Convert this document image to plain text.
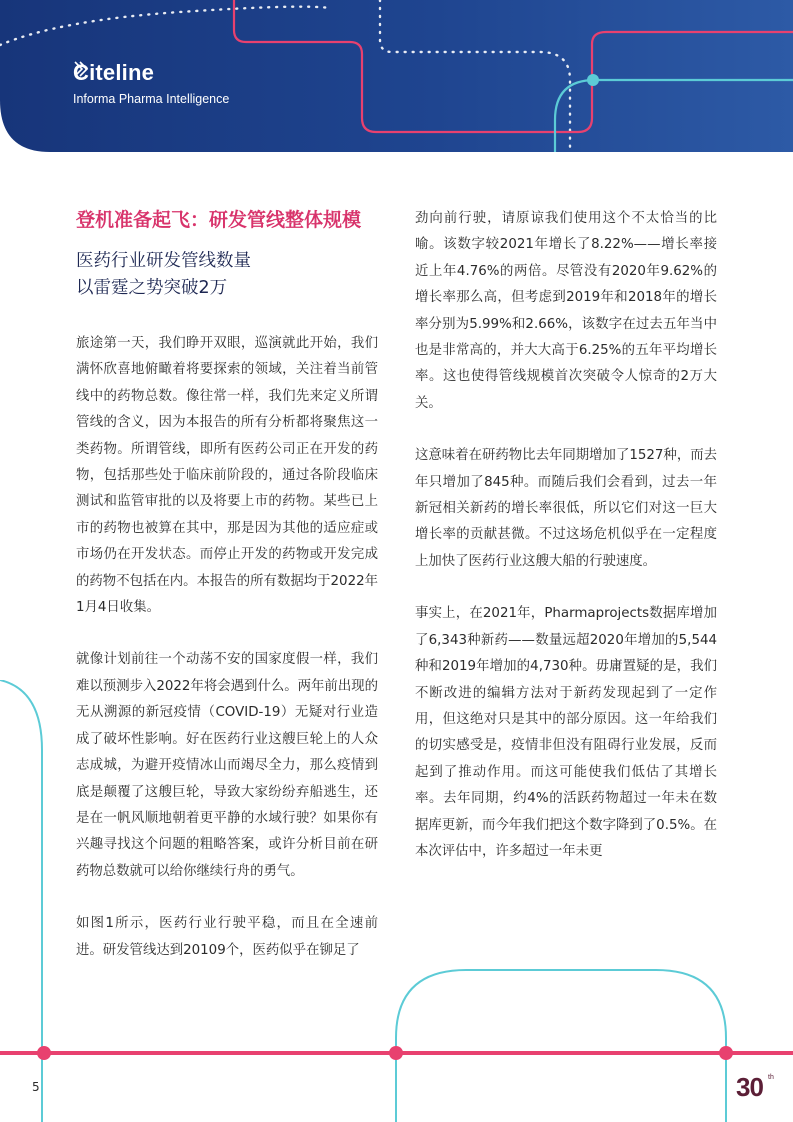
Citeline
Informa Pharma Intelligence
登机准备起飞：研发管线整体规模
医药行业研发管线数量
以雷霆之势突破2万

旅途第一天，我们睁开双眼，巡演就此开始，我们满怀欣喜地俯瞰着将要探索的领域，关注着当前管线中的药物总数。像往常一样，我们先来定义所谓管线的含义，因为本报告的所有分析都将聚焦这一类药物。所谓管线，即所有医药公司正在开发的药物，包括那些处于临床前阶段的，通过各阶段临床测试和监管审批的以及将要上市的药物。某些已上市的药物也被算在其中，那是因为其他的适应症或市场仍在开发状态。而停止开发的药物或开发完成的药物不包括在内。本报告的所有数据均于2022年1月4日收集。

就像计划前往一个动荡不安的国家度假一样，我们难以预测步入2022年将会遇到什么。两年前出现的无从溯源的新冠疫情（COVID-19）无疑对行业造成了破坏性影响。好在医药行业这艘巨轮上的人众志成城，为避开疫情冰山而竭尽全力，那么疫情到底是颠覆了这艘巨轮，导致大家纷纷弃船逃生，还是在一帆风顺地朝着更平静的水域行驶？如果你有兴趣寻找这个问题的粗略答案，或许分析目前在研药物总数就可以给你继续行舟的勇气。

如图1所示，医药行业行驶平稳，而且在全速前进。研发管线达到20109个，医药似乎在铆足了

劲向前行驶，请原谅我们使用这个不太恰当的比喻。该数字较2021年增长了8.22%——增长率接近上年4.76%的两倍。尽管没有2020年9.62%的增长率那么高，但考虑到2019年和2018年的增长率分别为5.99%和2.66%，该数字在过去五年当中也是非常高的，并大大高于6.25%的五年平均增长率。这也使得管线规模首次突破令人惊奇的2万大关。

这意味着在研药物比去年同期增加了1527种，而去年只增加了845种。而随后我们会看到，过去一年新冠相关新药的增长率很低，所以它们对这一巨大增长率的贡献甚微。不过这场危机似乎在一定程度上加快了医药行业这艘大船的行驶速度。

事实上，在2021年，Pharmaprojects数据库增加了6,343种新药——数量远超2020年增加的5,544种和2019年增加的4,730种。毋庸置疑的是，我们不断改进的编辑方法对于新药发现起到了一定作用，但这绝对只是其中的部分原因。这一年给我们的切实感受是，疫情非但没有阻碍行业发展，反而起到了推动作用。而这可能使我们低估了其增长率。去年同期，约4%的活跃药物超过一年未在数据库更新，而今年我们把这个数字降到了0.5%。在本次评估中，许多超过一年未更

5	30 th
